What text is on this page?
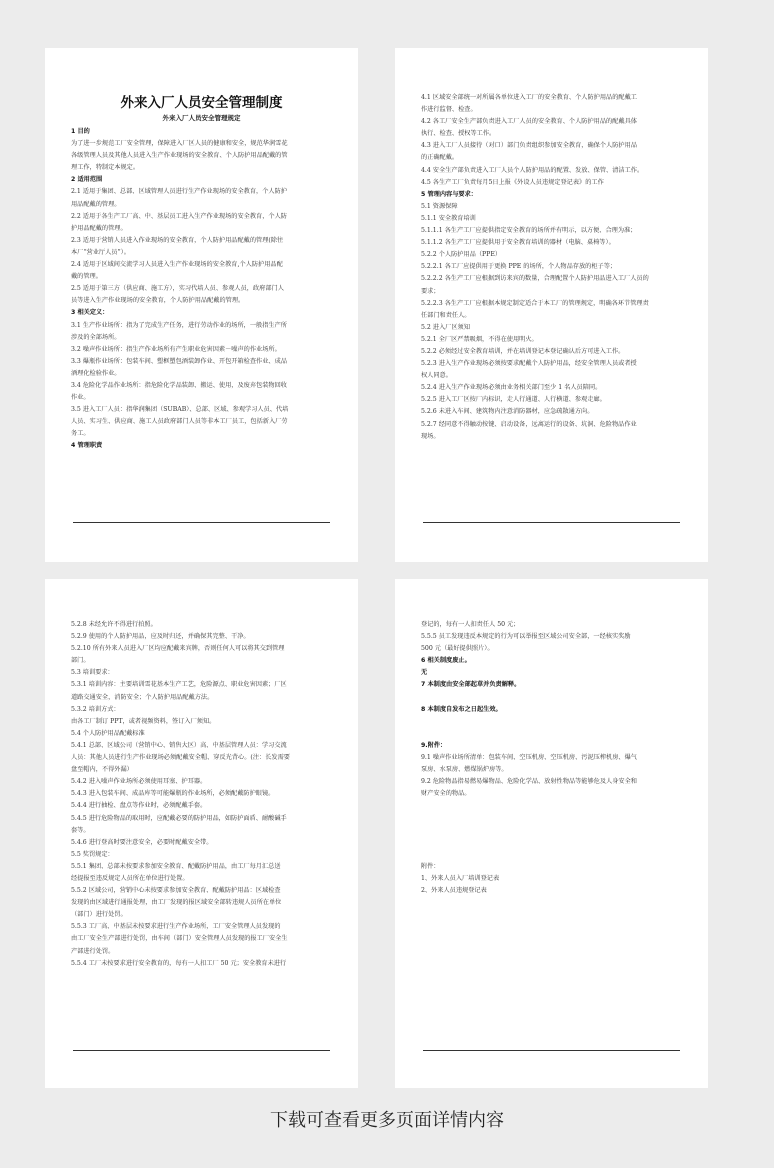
外来入厂人员安全管理制度
外来入厂人员安全管理规定
1 目的
为了进一步规范工厂安全管理，保障进入厂区人员的健康和安全，规范华润雪花
各级管理人员及其他人员进入生产作业现场的安全教育、个人防护用品配戴的管
理工作，特制定本规定。
2 适用范围
2.1 适用于集团、总部、区域管理人员进行生产作业现场的安全教育，个人防护
用品配戴的管理。
2.2 适用于各生产工厂高、中、基层员工进入生产作业现场的安全教育，个人防
护用品配戴的管理。
2.3 适用于营销人员进入作业现场的安全教育，个人防护用品配戴的管理(除往
本厂“营业厅人员”）。
2.4 适用于区域间交流学习人员进入生产作业现场的安全教育,个人防护用品配
戴的管理。
2.5 适用于第三方（供应商、施工方），实习代培人员、参观人员，政府部门人
员等进入生产作业现场的安全教育，个人防护用品配戴的管理。
3 相关定义：
3.1 生产作业场所：指为了完成生产任务，进行劳动作业的场所，一般指生产所
涉及的全部场所。
3.2 噪声作业场所：指生产作业场所有产生职业危害因素－噪声的作业场所。
3.3 爆瓶作业场所：包装车间、塑框塑包酒装卸作业、开包开箱检查作业、成品
酒理化检验作业。
3.4 危险化学品作业场所：指危险化学品装卸、搬运、使用，及废弃包装物回收
作业。
3.5 进入工厂人员：指华润集团（SUBAB）、总部、区域、参观学习人员、代培
人员、实习生、供应商、施工人员政府部门人员等非本工厂员工，包括新入厂劳
务工。
4 管理职责
4.1 区域安全部统一对所属各单位进入工厂的安全教育、个人防护用品的配戴工
作进行监督、检查。
4.2 各工厂安全生产部负责进入工厂人员的安全教育、个人防护用品的配戴具体
执行、检查、授权等工作。
4.3 进入工厂人员接待（对口）部门负责组织参加安全教育，确保个人防护用品
的正确配戴。
4.4 安全生产部负责进入工厂人员个人防护用品的配置、发放、保管、清洁工作。
4.5 各生产工厂负责每月5日上报《外设人员违规定登记表》的工作
5 管理内容与要求：
5.1 资源保障
5.1.1 安全教育培训
5.1.1.1 各生产工厂应提供指定安全教育的场所并有明示，以方便、合理为准；
5.1.1.2 各生产工厂应提供用于安全教育培训的器材（电脑、桌椅等）。
5.2.2 个人防护用品（PPE）
5.2.2.1 各工厂应提供用于更换 PPE 的场所，个人物品存放的柜子等；
5.2.2.2 各生产工厂应根据到访来宾的数量，合理配置个人防护用品进入工厂人员的
要求；
5.2.2.3 各生产工厂应根据本规定制定适合于本工厂的管理规定，明确各环节管理责
任部门和责任人。
5.2 进入厂区须知
5.2.1 全厂区严禁吸烟，不得在使用明火。
5.2.2 必须经过安全教育培训，并在培训登记本登记确认后方可进入工作。
5.2.3 进入生产作业现场必须按要求配戴个人防护用品，经安全管理人员或者授
权人同意。
5.2.4 进入生产作业现场必须由业务相关部门至少 1 名人员陪同。
5.2.5 进入工厂区按厂内标识，走人行通道、人行横道、参观走廊。
5.2.6 未进入车间、建筑物内注意消防器材，应急疏散通方向。
5.2.7 经同意不得触动按键、启动设备，远离运行的设备、坑洞、危险物品作业
现场。
5.2.8 未经允许不得进行拍照。
5.2.9 使用的个人防护用品，应及时归还，并确保其完整、干净。
5.2.10 所有外来人员进入厂区均应配戴来宾牌，否则任何人可以将其交到管理
部门。
5.3 培训要求：
5.3.1 培训内容：主要培训雪花基本生产工艺，危险源点、职业危害因素；厂区
道路交通安全，消防安全；个人防护用品配戴方法。
5.3.2 培训方式：
由各工厂制订 PPT，或者视频资料，签订入厂须知。
5.4 个人防护用品配戴标准
5.4.1 总部、区域公司（营销中心、销售大区）高、中基层管理人员：学习交流
人员：其他人员进行生产作业现场必须配戴安全帽、穿反光背心。(注：长发需要
盘至帽内，不得外漏）
5.4.2 进入噪声作业场所必须使用耳塞、护耳器。
5.4.3 进入包装车间、成品库等可能爆瓶的作业场所，必须配戴防护眼镜。
5.4.4 进行抽检、盘点等作业时，必须配戴手套。
5.4.5 进行危险物品的取用时，应配戴必要的防护用品，如防护面盾、耐酸碱手
套等。
5.4.6 进行登高时要注意安全，必要时配戴安全带。
5.5 奖罚规定：
5.5.1 集团、总部未按要求参加安全教育、配戴防护用品，由工厂每月汇总送
经提报至违反规定人员所在单位进行处置。
5.5.2 区域公司，营销中心未按要求参加安全教育、配戴防护用品：区域检查
发现的由区域进行通报处理，由工厂发现的报区域安全部转违规人员所在单位
（部门）进行处罚。
5.5.3 工厂高、中基层未按要求进行生产作业场所，工厂安全管理人员发现的
由工厂安全生产部进行处罚，由车间（部门）安全管理人员发现的报工厂安全生
产部进行处罚。
5.5.4 工厂未按要求进行安全教育的，每有一人扣工厂 50 元；安全教育未进行
登记的，每有一人扣责任人 50 元；
5.5.5 员工发现违反本规定的行为可以举报至区域公司安全部，一经核实奖励
500 元（最好提供照片）。
6 相关制度废止。
无
7 本制度由安全部起草并负责解释。
8 本制度自发布之日起生效。
9.附件：
9.1 噪声作业场所清单：包装车间、空压机房、空压机房、污泥压榨机房、爆气
泵房、水泵房、燃煤锅炉房等。
9.2 危险物品指易燃易爆物品、危险化学品、放射性物品等能够危及人身安全和
财产安全的物品。
附件：
1、外来人员入厂培训登记表
2、外来人员违规登记表
下载可查看更多页面详情内容
